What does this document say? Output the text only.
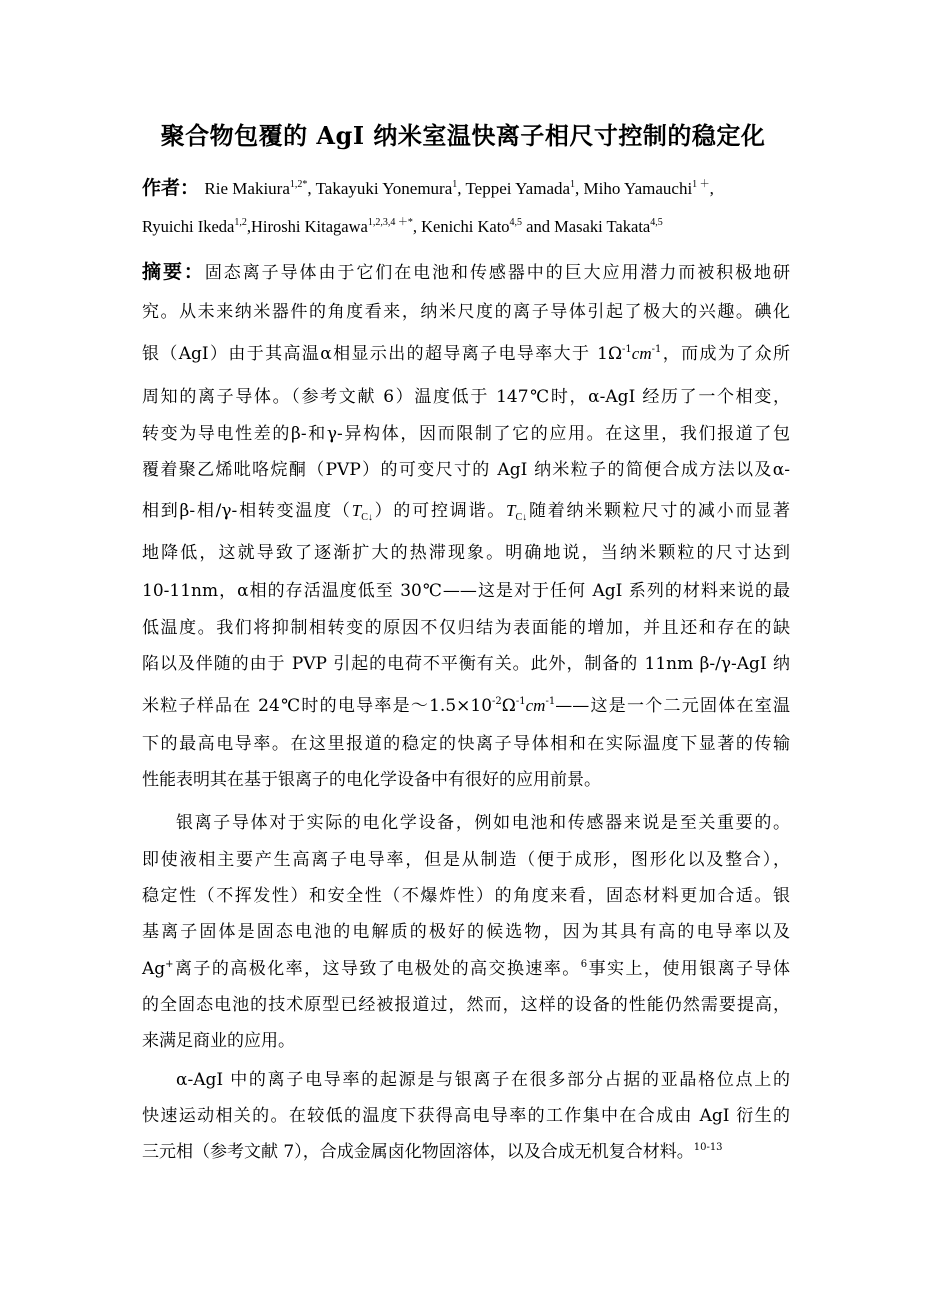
聚合物包覆的 AgI 纳米室温快离子相尺寸控制的稳定化
作者： Rie Makiura$^{1,2*}$, Takayuki Yonemura$^1$, Teppei Yamada$^1$, Miho Yamauchi$^{1 +}$,
Ryuichi Ikeda$^{1,2}$,Hiroshi Kitagawa$^{1,2,3,4 +*}$, Kenichi Kato$^{4,5}$ and Masaki Takata$^{4,5}$
摘要：固态离子导体由于它们在电池和传感器中的巨大应用潜力而被积极地研
究。从未来纳米器件的角度看来，纳米尺度的离子导体引起了极大的兴趣。碘化
银（AgI）由于其高温α相显示出的超导离子电导率大于 $1\Omega^{-1}cm^{-1}$，而成为了众所
周知的离子导体。（参考文献 6）温度低于 147℃时，α-AgI 经历了一个相变，
转变为导电性差的β-和γ-异构体，因而限制了它的应用。在这里，我们报道了包
覆着聚乙烯吡咯烷酮（PVP）的可变尺寸的 AgI 纳米粒子的简便合成方法以及α-
相到β-相/γ-相转变温度$(T_{C↓})$的可控调谐。$T_{C↓}$随着纳米颗粒尺寸的减小而显著
地降低，这就导致了逐渐扩大的热滞现象。明确地说，当纳米颗粒的尺寸达到
10-11nm，α相的存活温度低至 30℃——这是对于任何 AgI 系列的材料来说的最
低温度。我们将抑制相转变的原因不仅归结为表面能的增加，并且还和存在的缺
陷以及伴随的由于 PVP 引起的电荷不平衡有关。此外，制备的 11nm β-/γ-AgI 纳
米粒子样品在 24℃时的电导率是$\sim 1.5\times 10^{-2}\Omega^{-1}cm^{-1}——$这是一个二元固体在室温
下的最高电导率。在这里报道的稳定的快离子导体相和在实际温度下显著的传输
性能表明其在基于银离子的电化学设备中有很好的应用前景。
银离子导体对于实际的电化学设备，例如电池和传感器来说是至关重要的。
即使液相主要产生高离子电导率，但是从制造（便于成形，图形化以及整合），
稳定性（不挥发性）和安全性（不爆炸性）的角度来看，固态材料更加合适。银
基离子固体是固态电池的电解质的极好的候选物，因为其具有高的电导率以及
Ag+离子的高极化率，这导致了电极处的高交换速率。$^6$事实上，使用银离子导体
的全固态电池的技术原型已经被报道过，然而，这样的设备的性能仍然需要提高，
来满足商业的应用。
α-AgI 中的离子电导率的起源是与银离子在很多部分占据的亚晶格位点上的
快速运动相关的。在较低的温度下获得高电导率的工作集中在合成由 AgI 衍生的
三元相（参考文献 7），合成金属卤化物固溶体，以及合成无机复合材料。$^{10-13}$
